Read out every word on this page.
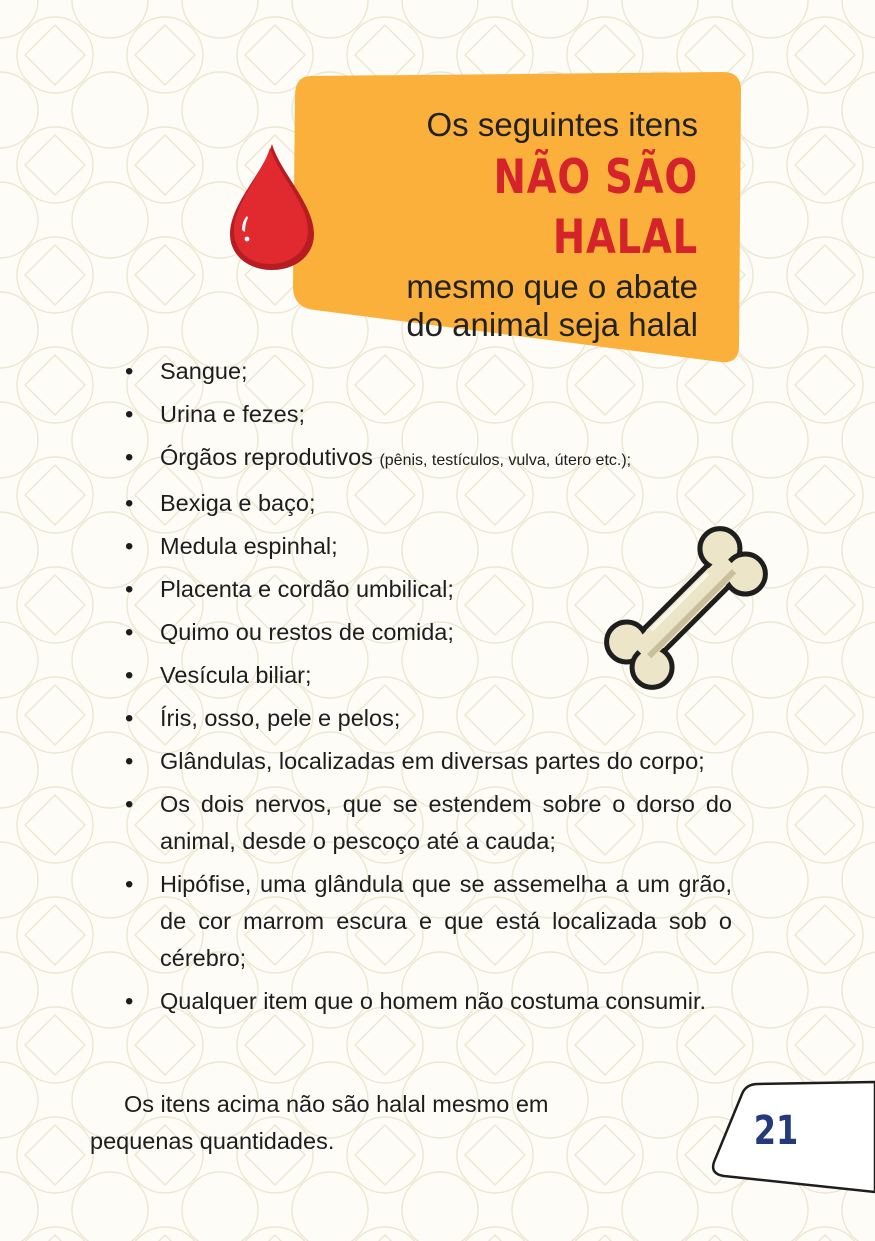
Os seguintes itens
NÃO SÃO HALAL
mesmo que o abate
do animal seja halal
• Sangue;
• Urina e fezes;
• Órgãos reprodutivos (pênis, testículos, vulva, útero etc.);
• Bexiga e baço;
• Medula espinhal;
• Placenta e cordão umbilical;
• Quimo ou restos de comida;
• Vesícula biliar;
• Íris, osso, pele e pelos;
• Glândulas, localizadas em diversas partes do corpo;
• Os dois nervos, que se estendem sobre o dorso do animal, desde o pescoço até a cauda;
• Hipófise, uma glândula que se assemelha a um grão, de cor marrom escura e que está localizada sob o cérebro;
• Qualquer item que o homem não costuma consumir.
Os itens acima não são halal mesmo em
pequenas quantidades.	21
